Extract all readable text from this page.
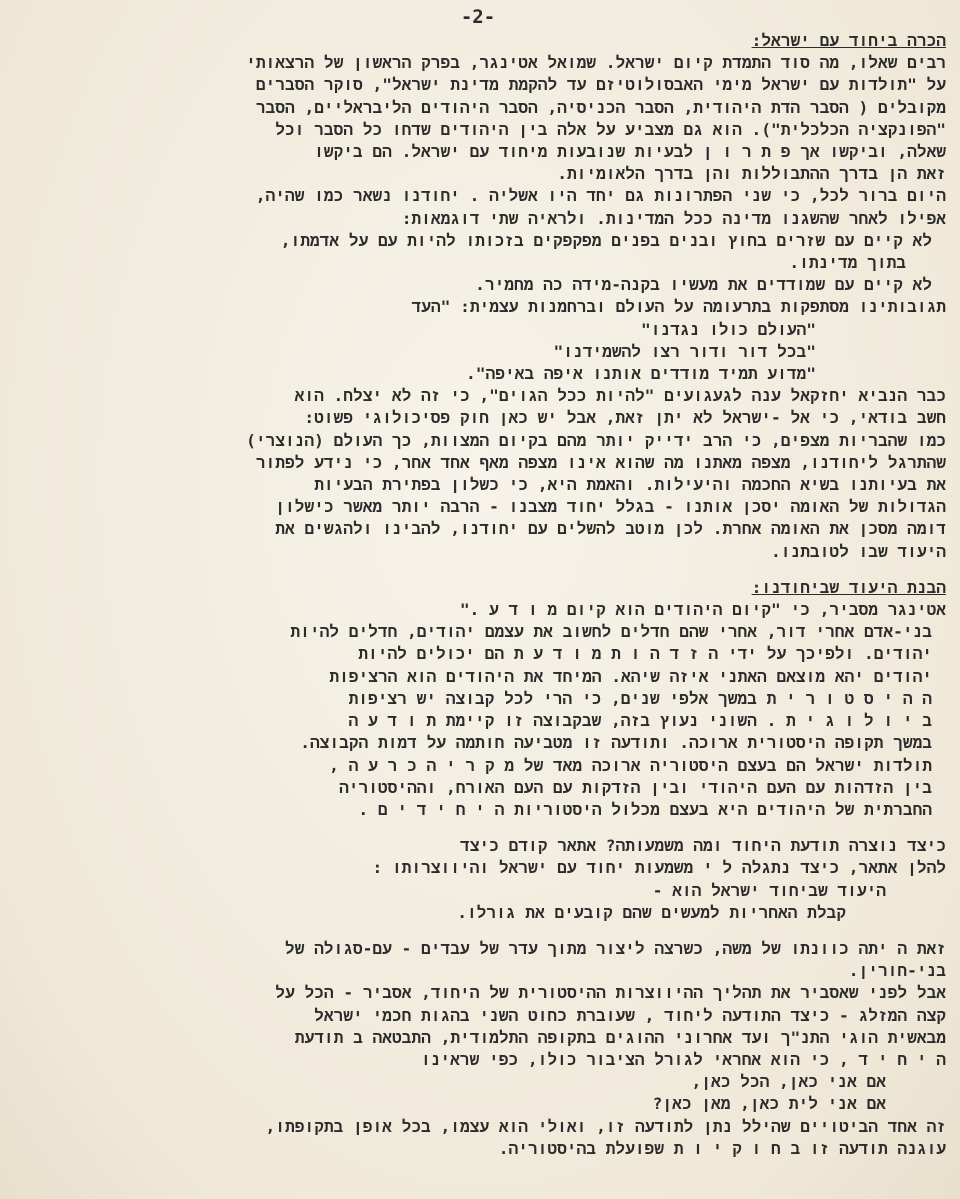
-2-

הכרה ביחוד עם ישראל:

רבים שאלו, מה סוד התמדת קיום ישראל. שמואל אטינגר, בפרק הראשון של הרצאותי

על "תולדות עם ישראל מימי האבסולוטיזם עד להקמת מדינת ישראל", סוקר הסברים

מקובלים ( הסבר הדת היהודית, הסבר הכניסיה, הסבר היהודים הליבראליים, הסבר

"הפונקציה הכלכלית"). הוא גם מצביע על אלה בין היהודים שדחו כל הסבר וכל

שאלה, וביקשו אך פ ת ר ו ן לבעיות שנובעות מיחוד עם ישראל. הם ביקשו

זאת הן בדרך ההתבוללות והן בדרך הלאומיות.

היום ברור לכל, כי שני הפתרונות גם יחד היו אשליה . יחודנו נשאר כמו שהיה,

אפילו לאחר שהשגנו מדינה ככל המדינות. ולראיה שתי דוגמאות:

לא קיים עם שזרים בחוץ ובנים בפנים מפקפקים בזכותו להיות עם על אדמתו,

בתוך מדינתו.

לא קיים עם שמודדים את מעשיו בקנה-מידה כה מחמיר.

תגובותינו מסתפקות בתרעומה על העולם וברחמנות עצמית: "העד

"העולם כולו נגדנו"

"בכל דור ודור רצו להשמידנו"

"מדוע תמיד מודדים אותנו איפה באיפה".

כבר הנביא יחזקאל ענה לגעגועים "להיות ככל הגוים", כי זה לא יצלח. הוא

חשב בודאי, כי אל -ישראל לא יתן זאת, אבל יש כאן חוק פסיכולוגי פשוט:

כמו שהבריות מצפים, כי הרב ידייק יותר מהם בקיום המצוות, כך העולם (הנוצרי)

שהתרגל ליחודנו, מצפה מאתנו מה שהוא אינו מצפה מאף אחד אחר, כי נידע לפתור

את בעיותנו בשיא החכמה והיעילות. והאמת היא, כי כשלון בפתירת הבעיות

הגדולות של האומה יסכן אותנו - בגלל יחוד מצבנו - הרבה יותר מאשר כישלון

דומה מסכן את האומה אחרת. לכן מוטב להשלים עם יחודנו, להבינו ולהגשים את

היעוד שבו לטובתנו.

הבנת היעוד שביחודנו:

אטינגר מסביר, כי "קיום היהודים הוא קיום מ ו ד ע ."

בני-אדם אחרי דור, אחרי שהם חדלים לחשוב את עצמם יהודים, חדלים להיות

יהודים. ולפיכך על ידי ה ז ד ה ו ת מ ו ד ע ת הם יכולים להיות

יהודים יהא מוצאם האתני איזה שיהא. המיחד את היהודים הוא הרציפות

ה ה י ס ט ו ר י ת במשך אלפי שנים, כי הרי לכל קבוצה יש רציפות

ב י ו ל ו ג י ת . השוני נעוץ בזה, שבקבוצה זו קיימת ת ו ד ע ה

במשך תקופה היסטורית ארוכה. ותודעה זו מטביעה חותמה על דמות הקבוצה.

תולדות ישראל הם בעצם היסטוריה ארוכה מאד של מ ק ר י ה כ ר ע ה ,

בין הזדהות עם העם היהודי ובין הזדקות עם העם האורח, וההיסטוריה

החברתית של היהודים היא בעצם מכלול היסטוריות ה י ח י ד י ם .

כיצד נוצרה תודעת היחוד ומה משמעותה? אתאר קודם כיצד

להלן אתאר, כיצד נתגלה ל י משמעות יחוד עם ישראל והיווצרותו :

היעוד שביחוד ישראל הוא -

קבלת האחריות למעשים שהם קובעים את גורלו.

זאת ה יתה כוונתו של משה, כשרצה ליצור מתוך עדר של עבדים - עם-סגולה של

בני-חורין.

אבל לפני שאסביר את תהליך ההיווצרות ההיסטורית של היחוד, אסביר - הכל על

קצה המזלג - כיצד התודעה ליחוד , שעוברת כחוט השני בהגות חכמי ישראל

מבאשית הוגי התנ"ך ועד אחרוני ההוגים בתקופה התלמודית, התבטאה ב תודעת

ה י ח י ד , כי הוא אחראי לגורל הציבור כולו, כפי שראינו

אם אני כאן, הכל כאן,

אם אני לית כאן, מאן כאן?

זה אחד הביטויים שהילל נתן לתודעה זו, ואולי הוא עצמו, בכל אופן בתקופתו,

עוגנה תודעה זו ב ח ו ק י ו ת שפועלת בהיסטוריה.
